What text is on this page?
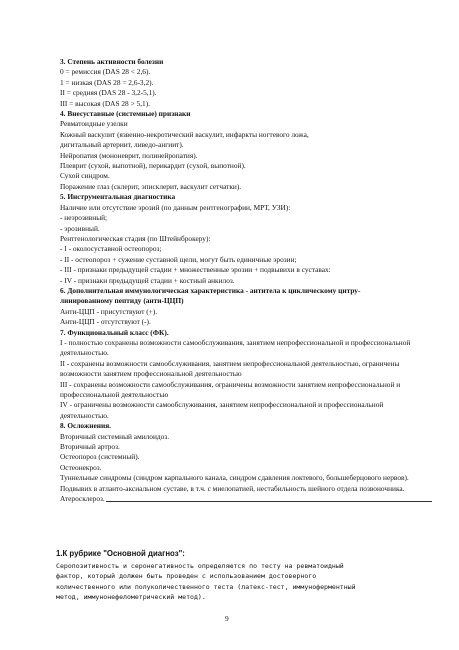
3. Степень активности болезни

0 = ремиссия (DAS 28 < 2,6).

1 = низкая (DAS 28 = 2,6-3,2).

II = средняя (DAS 28 - 3,2-5,1).

III = высокая (DAS 28 > 5,1).

4. Внесуставные (системные) признаки

Ревматоидные узелки

Кожный васкулит (язвенно-некротический васкулит, инфаркты ногтевого ложа,

дигитальный артериит, ливедо-ангиит).

Нейропатия (мононеврит, полинейропатия).

Плеврит (сухой, выпотной), перикардит (сухой, выпотной).

Сухой синдром.

Поражение глаз (склерит, эписклерит, васкулит сетчатки).

5. Инструментальная диагностика

Наличие или отсутствие эрозий (по данным рентгенографии, МРТ, УЗИ):

- неэрозивный;

- эрозивный.

Рентгенологическая стадия (по Штейнброкеру):

- I - околосуставной остеопороз;

- II - остеопороз + сужение суставной щели, могут быть единичные эрозии;

- III - признаки предыдущей стадии + множественные эрозии + подвывихи в суставах:

- IV - признаки предыдущей стадии + костный анкилоз.

6. Дополнительная иммунологическая характеристика - антитела к циклическому цитру-

линированному пептиду (анти-ЦЦП)

Анти-ЦЦП - присутствуют (+).

Анти-ЦЦП - отсутствуют (-).

7. Функциональный класс (ФК).

I - полностью сохранены возможности самообслуживания, занятием непрофессиональной и профессиональной деятельностью.

II - сохранены возможности самообслуживания, занятием непрофессиональной деятельностью, ограничены возможности занятием профессиональной деятельностью

III - сохранены возможности самообслуживания, ограничены возможности занятием непрофессиональной и профессиональной деятельностью

IV - ограничены возможности самообслуживания, занятием непрофессиональной и профессиональной деятельностью.

8. Осложнения.

Вторичный системный амилоидоз.

Вторичный артроз.

Остеопороз (системный).

Остеонекроз.

Туннельные синдромы (синдром карпального канала, синдром сдавления локтевого, большеберцового нервов).

Подвывих в атланто-аксиальном суставе, в т.ч. с миелопатией, нестабильность шейного отдела позвоночника.

Атеросклероз.

1.К рубрике "Основной диагноз":

Серопозитивность и серонегативность определяются по тесту на ревматоидный
фактор, который должен быть проведен с использованием достоверного
количественного или полуколичественного теста (латекс-тест, иммуноферментный
метод, иммунонефелометрический метод).

9
